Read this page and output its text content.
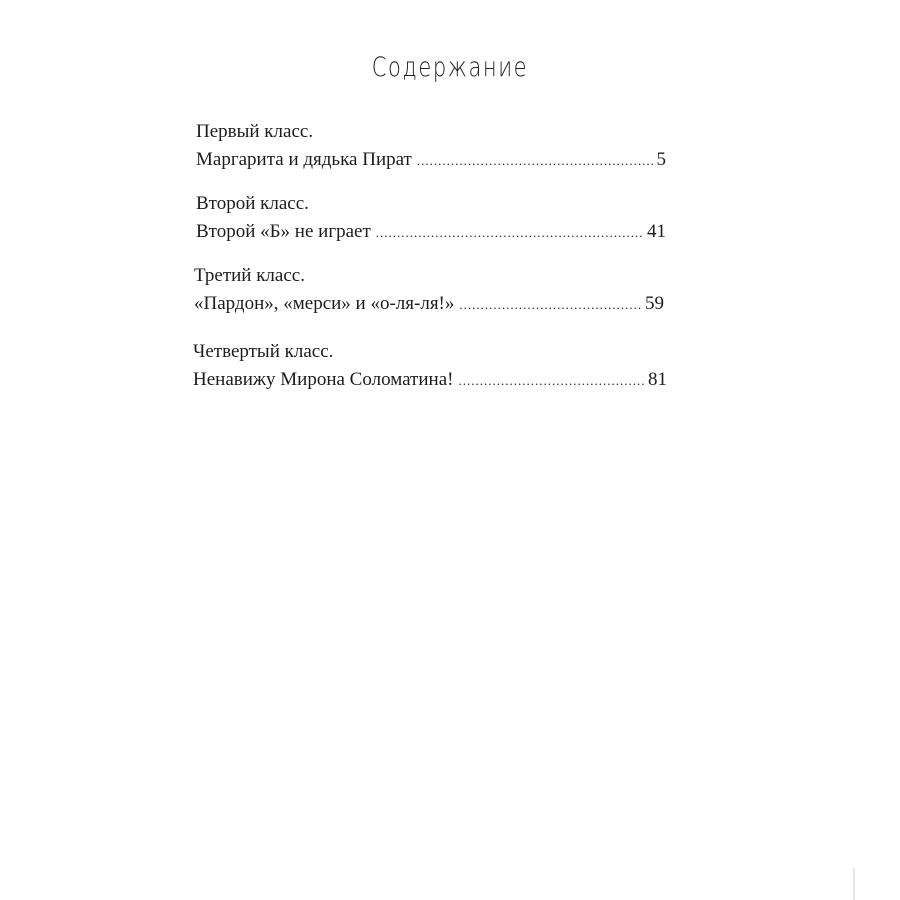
Содержание
Первый класс.
Маргарита и дядька Пират .....	5
Второй класс.
Второй «Б» не играет .....	41
Третий класс.
«Пардон», «мерси» и «о-ля-ля!» .....	59
Четвертый класс.
Ненавижу Мирона Соломатина! .....	81
